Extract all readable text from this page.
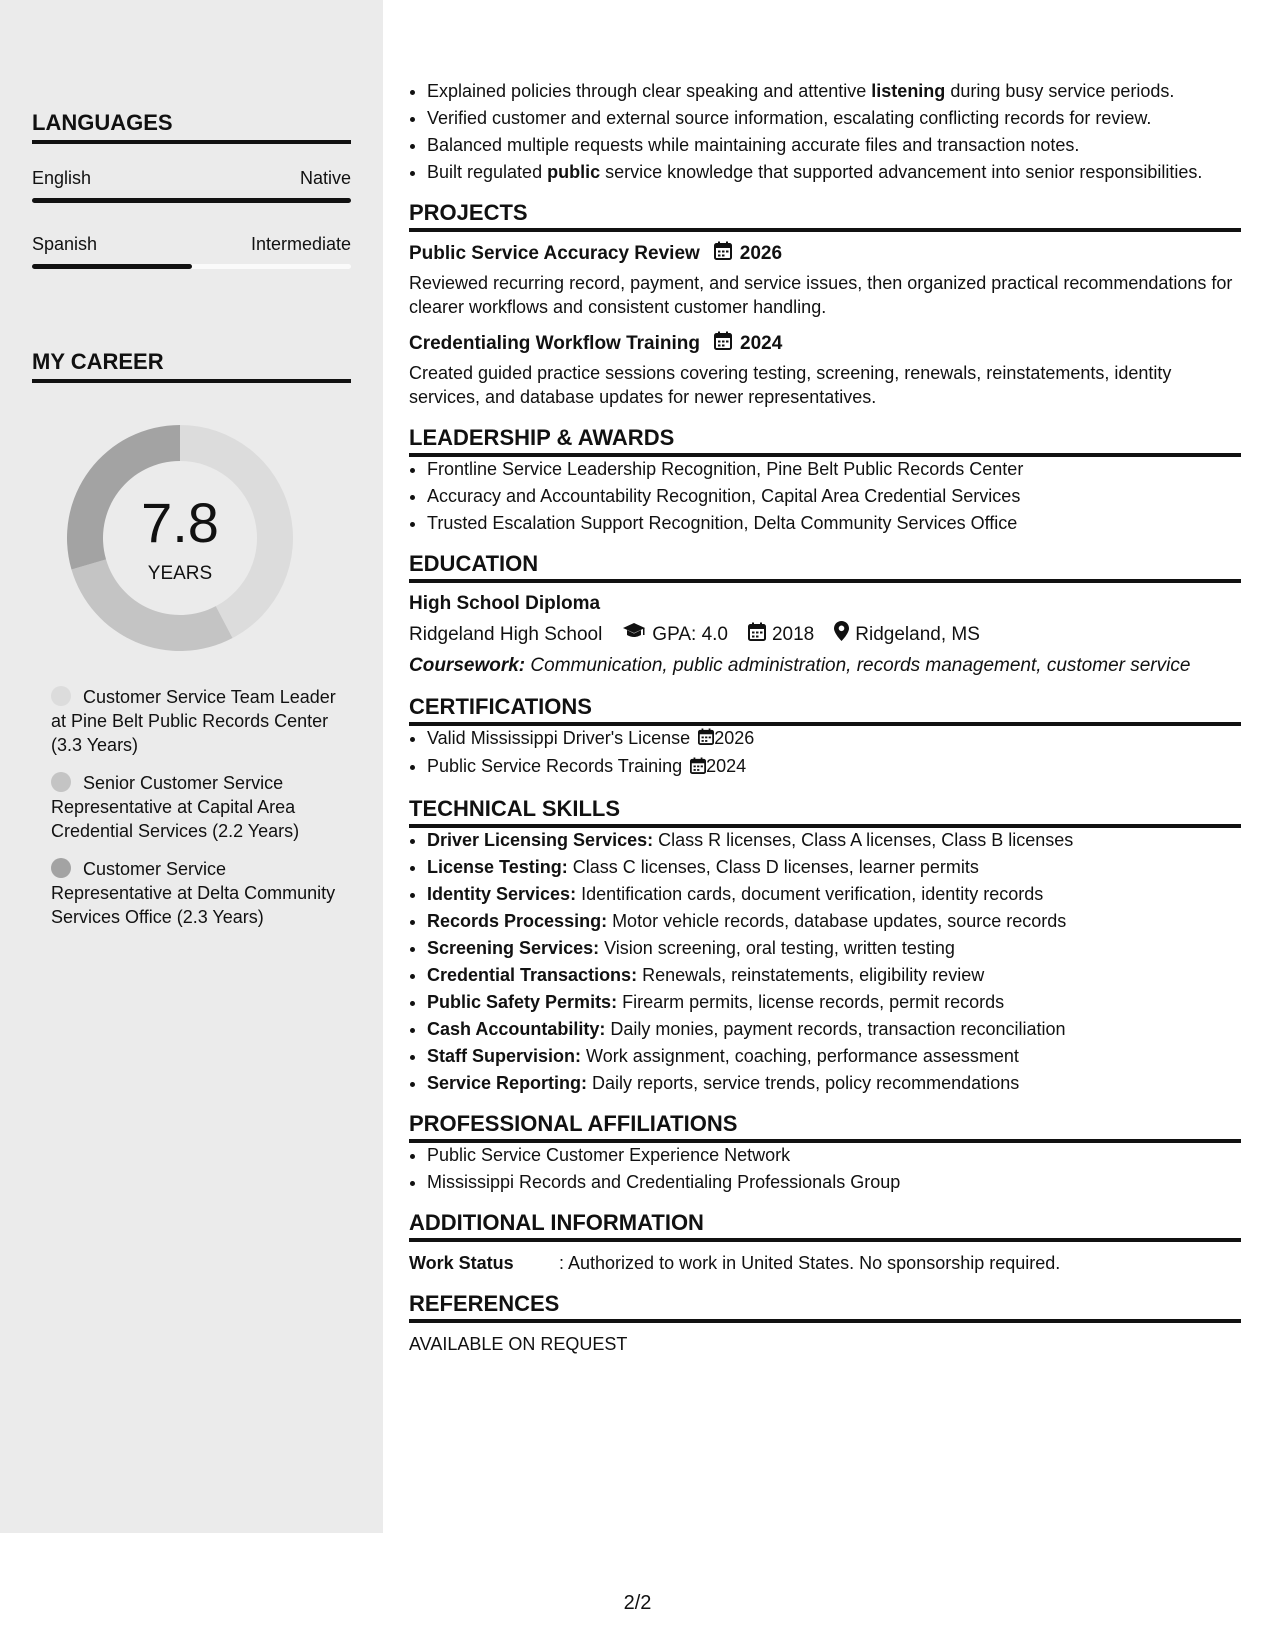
LANGUAGES
English	Native
Spanish	Intermediate
MY CAREER
7.8
YEARS
Customer Service Team Leader at Pine Belt Public Records Center (3.3 Years)
Senior Customer Service Representative at Capital Area Credential Services (2.2 Years)
Customer Service Representative at Delta Community Services Office (2.3 Years)
• Explained policies through clear speaking and attentive listening during busy service periods.
• Verified customer and external source information, escalating conflicting records for review.
• Balanced multiple requests while maintaining accurate files and transaction notes.
• Built regulated public service knowledge that supported advancement into senior responsibilities.
PROJECTS
Public Service Accuracy Review 2026
Reviewed recurring record, payment, and service issues, then organized practical recommendations for clearer workflows and consistent customer handling.
Credentialing Workflow Training 2024
Created guided practice sessions covering testing, screening, renewals, reinstatements, identity services, and database updates for newer representatives.
LEADERSHIP & AWARDS
• Frontline Service Leadership Recognition, Pine Belt Public Records Center
• Accuracy and Accountability Recognition, Capital Area Credential Services
• Trusted Escalation Support Recognition, Delta Community Services Office
EDUCATION
High School Diploma
Ridgeland High School	GPA: 4.0 2018 Ridgeland, MS
Coursework: Communication, public administration, records management, customer service
CERTIFICATIONS
• Valid Mississippi Driver's License 2026
• Public Service Records Training 2024
TECHNICAL SKILLS
• Driver Licensing Services: Class R licenses, Class A licenses, Class B licenses
• License Testing: Class C licenses, Class D licenses, learner permits
• Identity Services: Identification cards, document verification, identity records
• Records Processing: Motor vehicle records, database updates, source records
• Screening Services: Vision screening, oral testing, written testing
• Credential Transactions: Renewals, reinstatements, eligibility review
• Public Safety Permits: Firearm permits, license records, permit records
• Cash Accountability: Daily monies, payment records, transaction reconciliation
• Staff Supervision: Work assignment, coaching, performance assessment
• Service Reporting: Daily reports, service trends, policy recommendations
PROFESSIONAL AFFILIATIONS
• Public Service Customer Experience Network
• Mississippi Records and Credentialing Professionals Group
ADDITIONAL INFORMATION
Work Status	: Authorized to work in United States. No sponsorship required.
REFERENCES
AVAILABLE ON REQUEST
2/2
